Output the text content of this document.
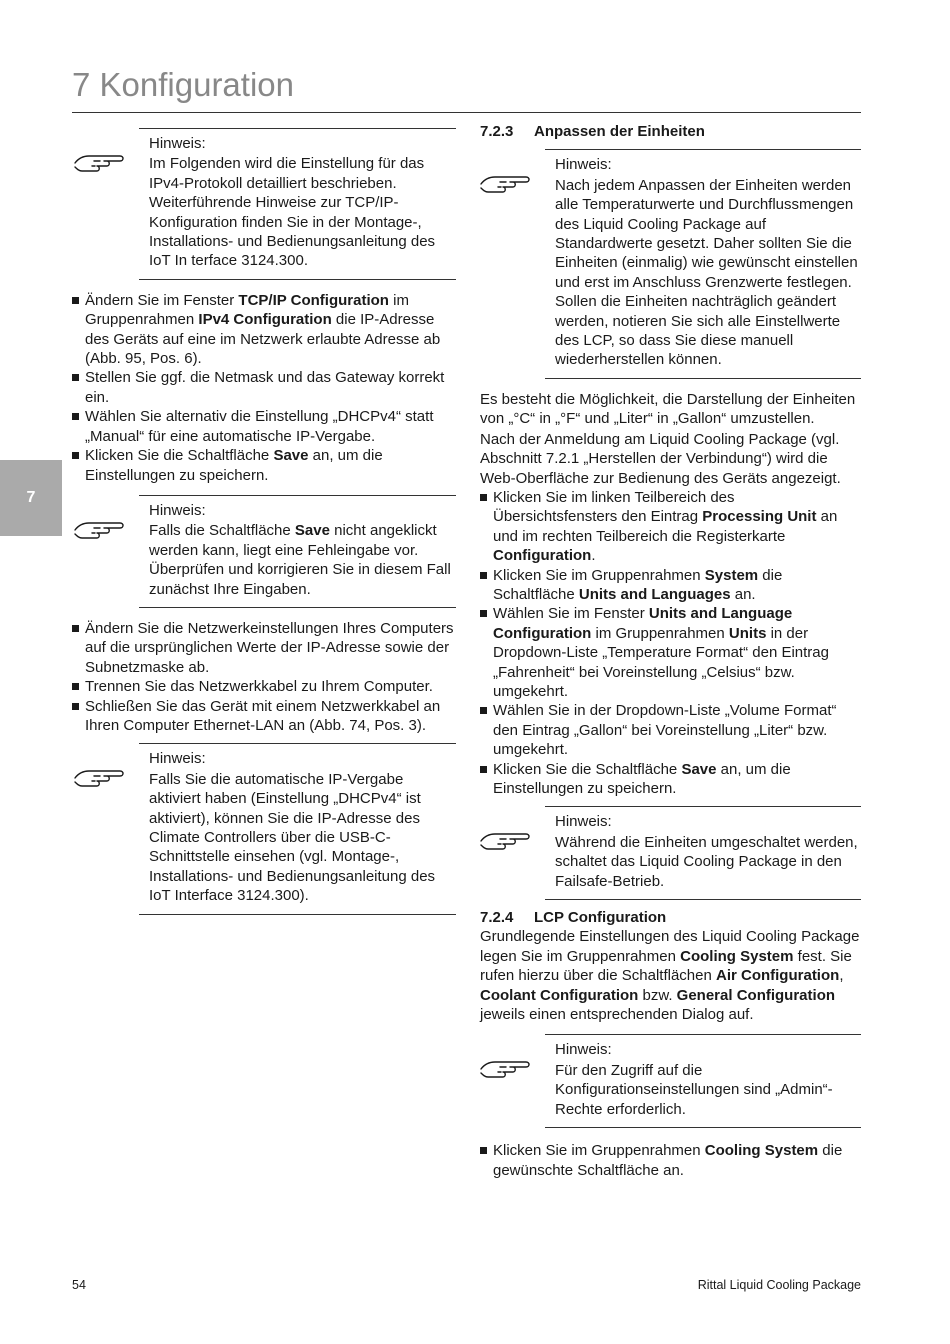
7 Konfiguration
7

Hinweis:

Im Folgenden wird die Einstellung für das IPv4-Protokoll detailliert beschrieben. Weiterführende Hinweise zur TCP/IP-Konfiguration finden Sie in der Montage-, Installations- und Bedienungsanleitung des IoT In terface 3124.300.

Ändern Sie im Fenster TCP/IP Configuration im Gruppenrahmen IPv4 Configuration die IP-Adresse des Geräts auf eine im Netzwerk erlaubte Adresse ab (Abb. 95, Pos. 6).
Stellen Sie ggf. die Netmask und das Gateway korrekt ein.
Wählen Sie alternativ die Einstellung „DHCPv4“ statt „Manual“ für eine automatische IP-Vergabe.
Klicken Sie die Schaltfläche Save an, um die Einstellungen zu speichern.

Hinweis:

Falls die Schaltfläche Save nicht angeklickt werden kann, liegt eine Fehleingabe vor. Überprüfen und korrigieren Sie in diesem Fall zunächst Ihre Eingaben.

Ändern Sie die Netzwerkeinstellungen Ihres Computers auf die ursprünglichen Werte der IP-Adresse sowie der Subnetzmaske ab.
Trennen Sie das Netzwerkkabel zu Ihrem Computer.
Schließen Sie das Gerät mit einem Netzwerkkabel an Ihren Computer Ethernet-LAN an (Abb. 74, Pos. 3).

Hinweis:

Falls Sie die automatische IP-Vergabe aktiviert haben (Einstellung „DHCPv4“ ist aktiviert), können Sie die IP-Adresse des Climate Controllers über die USB-C-Schnittstelle einsehen (vgl. Montage-, Installations- und Bedienungsanleitung des IoT Interface 3124.300).

7.2.3 Anpassen der Einheiten

Hinweis:

Nach jedem Anpassen der Einheiten werden alle Temperaturwerte und Durchflussmengen des Liquid Cooling Package auf Standardwerte gesetzt. Daher sollten Sie die Einheiten (einmalig) wie gewünscht einstellen und erst im Anschluss Grenzwerte festlegen. Sollen die Einheiten nachträglich geändert werden, notieren Sie sich alle Einstellwerte des LCP, so dass Sie diese manuell wiederherstellen können.

Es besteht die Möglichkeit, die Darstellung der Einheiten von „°C“ in „°F“ und „Liter“ in „Gallon“ umzustellen.

Nach der Anmeldung am Liquid Cooling Package (vgl. Abschnitt 7.2.1 „Herstellen der Verbindung“) wird die Web-Oberfläche zur Bedienung des Geräts angezeigt.

Klicken Sie im linken Teilbereich des Übersichtsfensters den Eintrag Processing Unit an und im rechten Teilbereich die Registerkarte Configuration.
Klicken Sie im Gruppenrahmen System die Schaltfläche Units and Languages an.
Wählen Sie im Fenster Units and Language Configuration im Gruppenrahmen Units in der Dropdown-Liste „Temperature Format“ den Eintrag „Fahrenheit“ bei Voreinstellung „Celsius“ bzw. umgekehrt.
Wählen Sie in der Dropdown-Liste „Volume Format“ den Eintrag „Gallon“ bei Voreinstellung „Liter“ bzw. umgekehrt.
Klicken Sie die Schaltfläche Save an, um die Einstellungen zu speichern.

Hinweis:

Während die Einheiten umgeschaltet werden, schaltet das Liquid Cooling Package in den Failsafe-Betrieb.

7.2.4 LCP Configuration

Grundlegende Einstellungen des Liquid Cooling Package legen Sie im Gruppenrahmen Cooling System fest. Sie rufen hierzu über die Schaltflächen Air Configuration, Coolant Configuration bzw. General Configuration jeweils einen entsprechenden Dialog auf.

Hinweis:

Für den Zugriff auf die Konfigurationseinstellungen sind „Admin“-Rechte erforderlich.

Klicken Sie im Gruppenrahmen Cooling System die gewünschte Schaltfläche an.
54	Rittal Liquid Cooling Package
